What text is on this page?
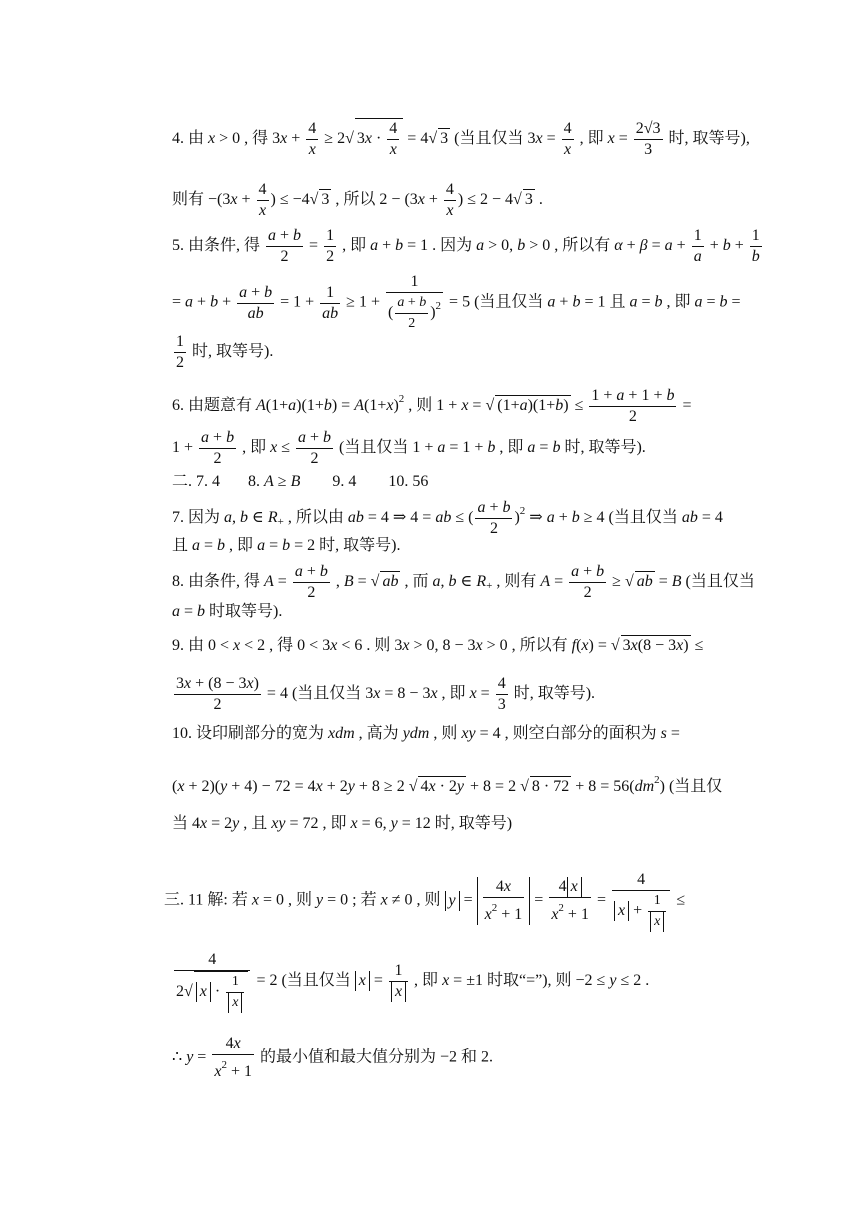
4. 由 x > 0 , 得 $3x + \frac{4}{x} \ge 2√$ $3x \cdot \frac{4}{x} = 4√$ 3 (当且仅当 $3x = \frac{4}{x}$ , 即 $x = \frac{2√3}{3}$ 时, 取等号),
则有 $-(3x + \frac{4}{x}$ ) ≤ −4√ 3 , 所以 $2 - (3x + \frac{4}{x}$ ) ≤ 2 − 4√ 3 .
5. 由条件, 得 $\frac{a + b}{2} = \frac{1}{2}$ , 即 a + b = 1 . 因为 a > 0, b > 0 , 所以有 $\alpha + \beta = a + \frac{1}{a} + b + \frac{1}{b}$
= $a + b + \frac{a + b}{ab} = 1 + \frac{1}{ab} \ge 1 + \frac{1}{( \frac{a + b}{2} )^2} = 5$ (当且仅当 a + b = 1 且 a = b , 即 a = b =
$\frac{1}{2}$ 时, 取等号).
6. 由题意有 $A(1+a)(1+b) = A(1+x)^2$ , 则 1 + x = √ $(1+a)(1+b) \le \frac{1 + a + 1 + b}{2}$ =
$1 + \frac{a + b}{2}$ , 即 $x \le \frac{a + b}{2}$ (当且仅当 1 + a = 1 + b , 即 a = b 时, 取等号).
二. 7. 4       8. A ≥ B        9. 4        10. 56
7. 因为 a, b ∈ $R_+$ , 所以由 ab = 4 ⇒ 4 = ab ≤ ( $\frac{a + b}{2} )^2$ ⇒ a + b ≥ 4 (当且仅当 ab = 4
且 a = b , 即 a = b = 2 时, 取等号).
8. 由条件, 得 $A = \frac{a + b}{2}$ , B = √ ab , 而 a, b ∈ $R_+$ , 则有 $A = \frac{a + b}{2}$ ≥ √ ab = B (当且仅当
a = b 时取等号).
9. 由 0 < x < 2 , 得 0 < 3x < 6 . 则 3x > 0, 8 − 3x > 0 , 所以有 f(x) = √ 3x(8 − 3x) ≤
$\frac{3x + (8 - 3x)}{2} = 4$ (当且仅当 3x = 8 − 3x , 即 $x = \frac{4}{3}$ 时, 取等号).
10. 设印刷部分的宽为 xdm , 高为 ydm , 则 xy = 4 , 则空白部分的面积为 s =
(x + 2)(y + 4) − 72 = 4x + 2y + 8 ≥ 2 √ 4x · 2y + 8 = 2 √ $8 \cdot 72 + 8 = 56(dm^2)$ (当且仅
当 4x = 2y , 且 xy = 72 , 即 x = 6, y = 12 时, 取等号)
三. 11 解: 若 x = 0 , 则 y = 0 ; 若 x ≠ 0 , 则 $y = \frac{4x}{x^2 + 1} = \frac{4 x}{x^2 + 1} = \frac{4}{x + \frac{1}{x}}$ ≤
$\frac{4}{2√ x \cdot \frac{1}{x}} = 2$ (当且仅当 $x = \frac{1}{x}$ , 即 x = ±1 时取“=”), 则 −2 ≤ y ≤ 2 .
∴ $y = \frac{4x}{x^2 + 1}$ 的最小值和最大值分别为 −2 和 2.
